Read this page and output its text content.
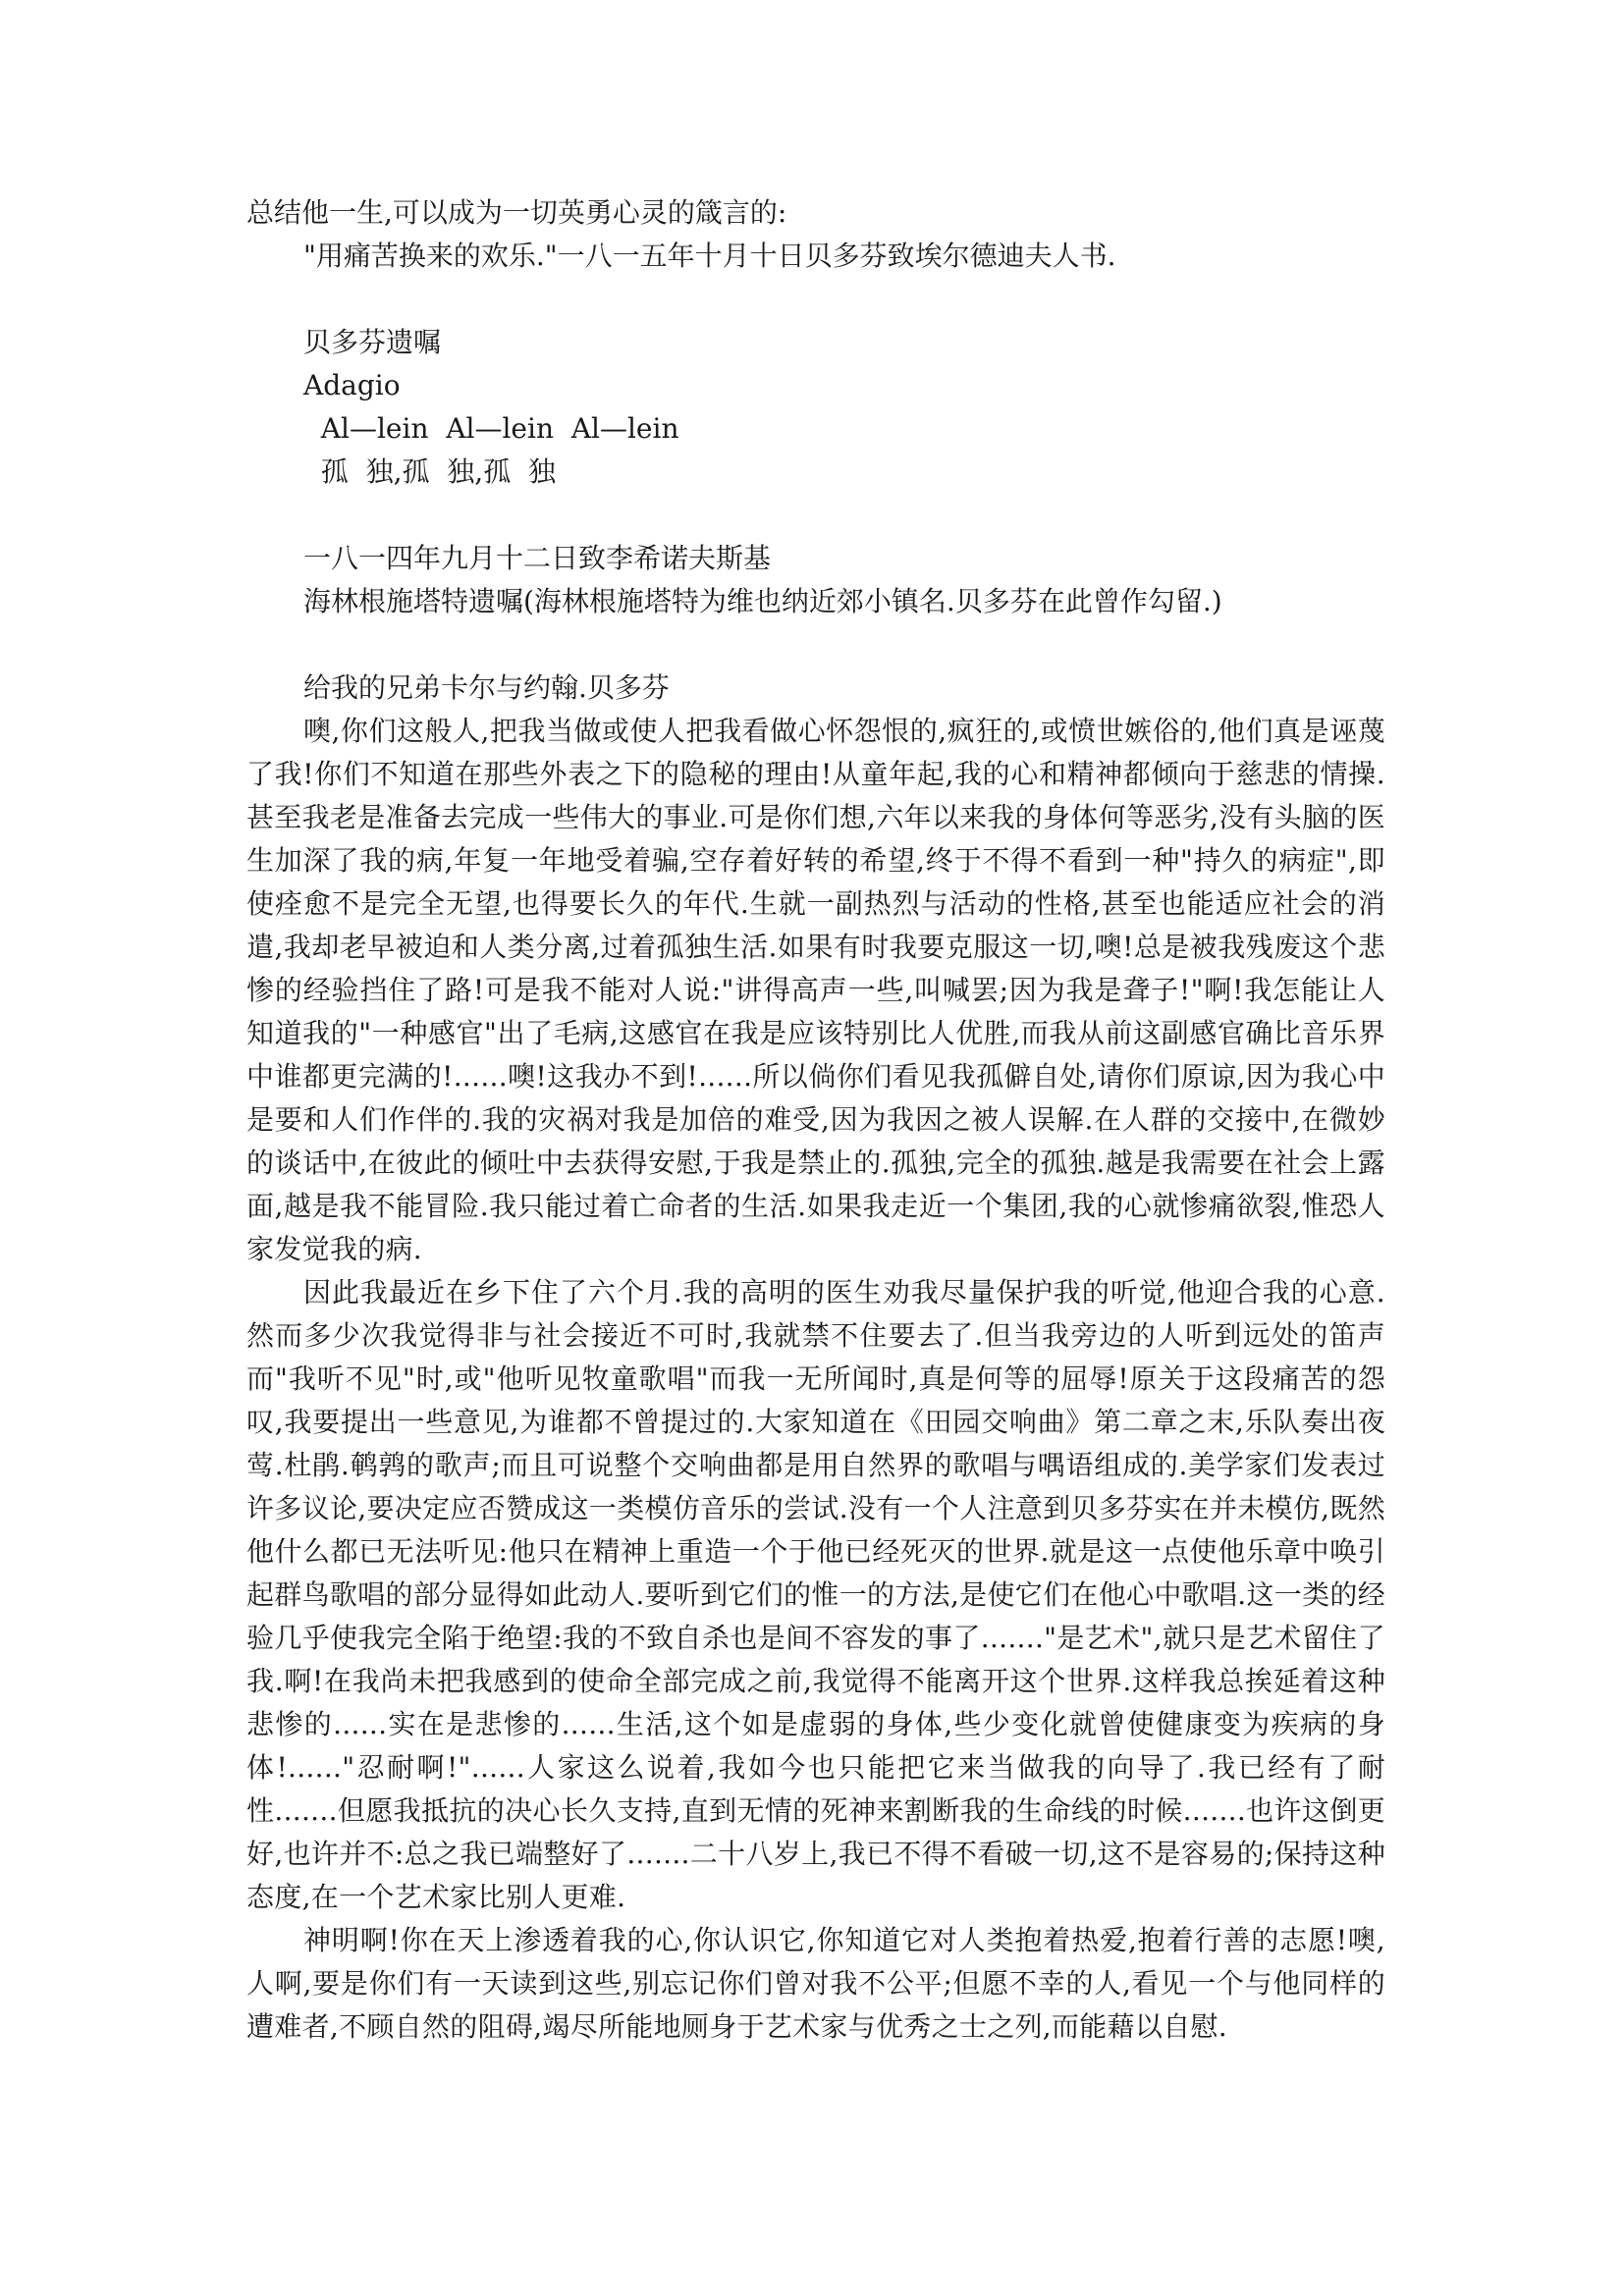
总结他一生,可以成为一切英勇心灵的箴言的:

"用痛苦换来的欢乐."一八一五年十月十日贝多芬致埃尔德迪夫人书.

贝多芬遗嘱

Adagio

Al—lein  Al—lein  Al—lein

孤  独,孤  独,孤  独

一八一四年九月十二日致李希诺夫斯基

海林根施塔特遗嘱(海林根施塔特为维也纳近郊小镇名.贝多芬在此曾作勾留.)

给我的兄弟卡尔与约翰.贝多芬

噢,你们这般人,把我当做或使人把我看做心怀怨恨的,疯狂的,或愤世嫉俗的,他们真是诬蔑了我!你们不知道在那些外表之下的隐秘的理由!从童年起,我的心和精神都倾向于慈悲的情操.甚至我老是准备去完成一些伟大的事业.可是你们想,六年以来我的身体何等恶劣,没有头脑的医生加深了我的病,年复一年地受着骗,空存着好转的希望,终于不得不看到一种"持久的病症",即使痊愈不是完全无望,也得要长久的年代.生就一副热烈与活动的性格,甚至也能适应社会的消遣,我却老早被迫和人类分离,过着孤独生活.如果有时我要克服这一切,噢!总是被我残废这个悲惨的经验挡住了路!可是我不能对人说:"讲得高声一些,叫喊罢;因为我是聋子!"啊!我怎能让人知道我的"一种感官"出了毛病,这感官在我是应该特别比人优胜,而我从前这副感官确比音乐界中谁都更完满的!......噢!这我办不到!......所以倘你们看见我孤僻自处,请你们原谅,因为我心中是要和人们作伴的.我的灾祸对我是加倍的难受,因为我因之被人误解.在人群的交接中,在微妙的谈话中,在彼此的倾吐中去获得安慰,于我是禁止的.孤独,完全的孤独.越是我需要在社会上露面,越是我不能冒险.我只能过着亡命者的生活.如果我走近一个集团,我的心就惨痛欲裂,惟恐人家发觉我的病.

因此我最近在乡下住了六个月.我的高明的医生劝我尽量保护我的听觉,他迎合我的心意.然而多少次我觉得非与社会接近不可时,我就禁不住要去了.但当我旁边的人听到远处的笛声而"我听不见"时,或"他听见牧童歌唱"而我一无所闻时,真是何等的屈辱!原关于这段痛苦的怨叹,我要提出一些意见,为谁都不曾提过的.大家知道在《田园交响曲》第二章之末,乐队奏出夜莺.杜鹃.鹌鹑的歌声;而且可说整个交响曲都是用自然界的歌唱与喁语组成的.美学家们发表过许多议论,要决定应否赞成这一类模仿音乐的尝试.没有一个人注意到贝多芬实在并未模仿,既然他什么都已无法听见:他只在精神上重造一个于他已经死灭的世界.就是这一点使他乐章中唤引起群鸟歌唱的部分显得如此动人.要听到它们的惟一的方法,是使它们在他心中歌唱.这一类的经验几乎使我完全陷于绝望:我的不致自杀也是间不容发的事了......."是艺术",就只是艺术留住了我.啊!在我尚未把我感到的使命全部完成之前,我觉得不能离开这个世界.这样我总挨延着这种悲惨的......实在是悲惨的......生活,这个如是虚弱的身体,些少变化就曾使健康变为疾病的身体!......"忍耐啊!"......人家这么说着,我如今也只能把它来当做我的向导了.我已经有了耐性.......但愿我抵抗的决心长久支持,直到无情的死神来割断我的生命线的时候.......也许这倒更好,也许并不:总之我已端整好了.......二十八岁上,我已不得不看破一切,这不是容易的;保持这种态度,在一个艺术家比别人更难.

神明啊!你在天上渗透着我的心,你认识它,你知道它对人类抱着热爱,抱着行善的志愿!噢,人啊,要是你们有一天读到这些,别忘记你们曾对我不公平;但愿不幸的人,看见一个与他同样的遭难者,不顾自然的阻碍,竭尽所能地厕身于艺术家与优秀之士之列,而能藉以自慰.
